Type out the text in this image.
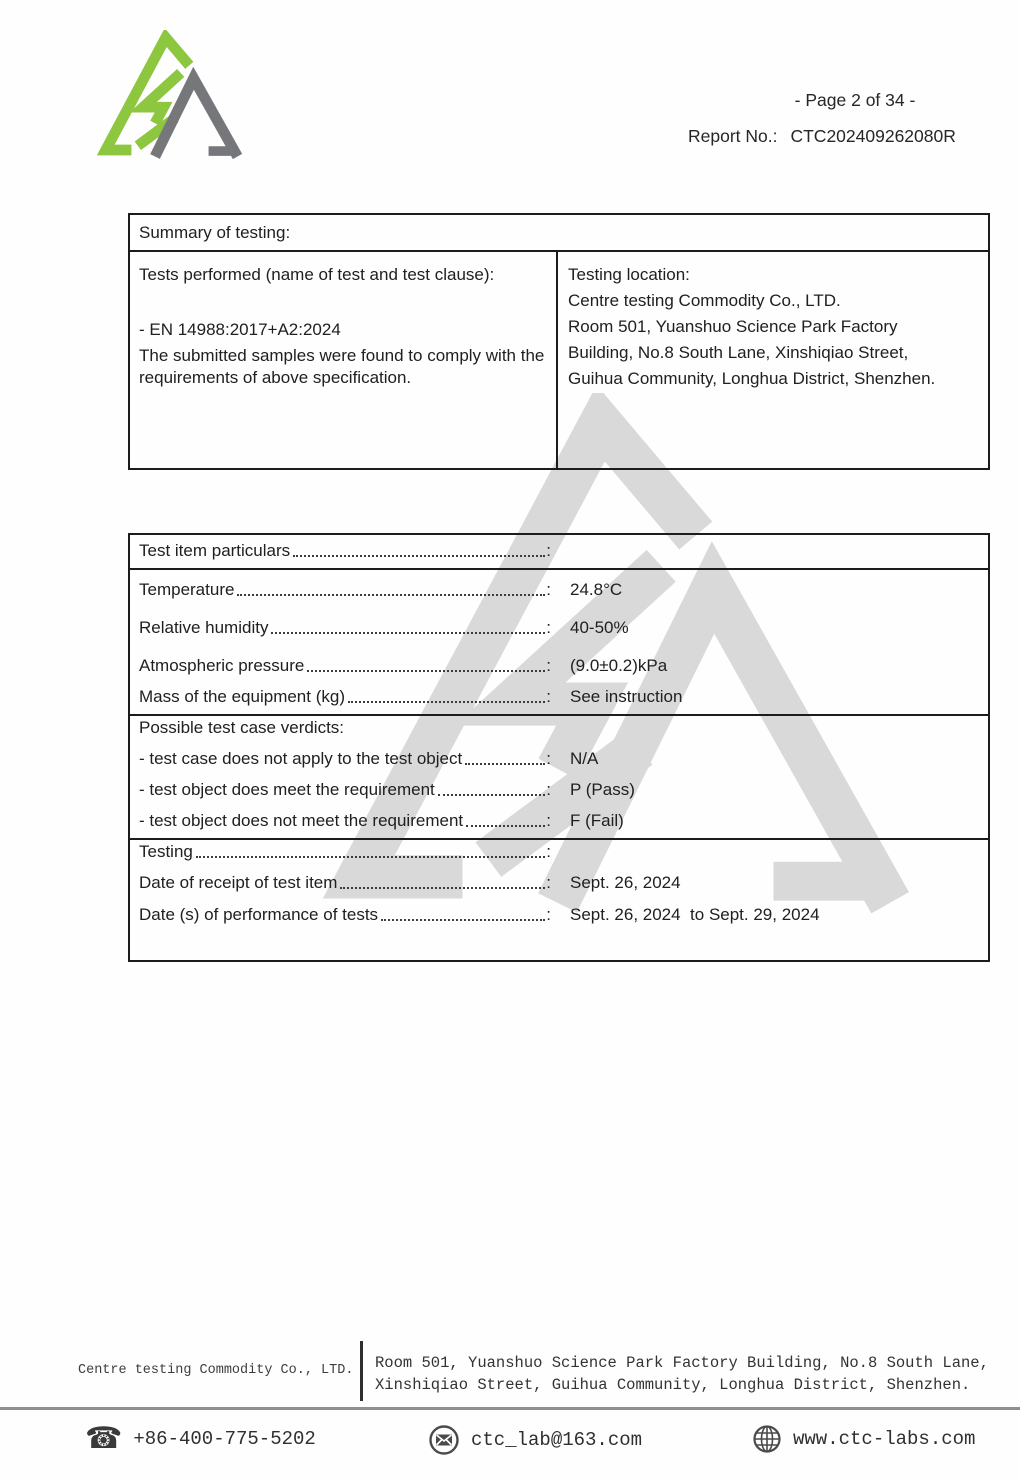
- Page 2 of 34 -
Report No.: CTC202409262080R
Summary of testing:

Tests performed (name of test and test clause):

- EN 14988:2017+A2:2024

The submitted samples were found to comply with the requirements of above specification.

Testing location:

Centre testing Commodity Co., LTD.

Room 501, Yuanshuo Science Park Factory Building, No.8 South Lane, Xinshiqiao Street,

Guihua Community, Longhua District, Shenzhen.

Test item particulars	:
Temperature	: 24.8°C
Relative humidity	: 40-50%
Atmospheric pressure	: (9.0±0.2)kPa
Mass of the equipment (kg)	: See instruction
Possible test case verdicts:
- test case does not apply to the test object	: N/A
- test object does meet the requirement	: P (Pass)
- test object does not meet the requirement	: F (Fail)
Testing	:
Date of receipt of test item	: Sept. 26, 2024
Date (s) of performance of tests	: Sept. 26, 2024  to Sept. 29, 2024
Centre testing Commodity Co., LTD. Room 501, Yuanshuo Science Park Factory Building, No.8 South Lane,
Xinshiqiao Street, Guihua Community, Longhua District, Shenzhen.
☎ +86-400-775-5202	ctc_lab@163.com	www.ctc-labs.com
